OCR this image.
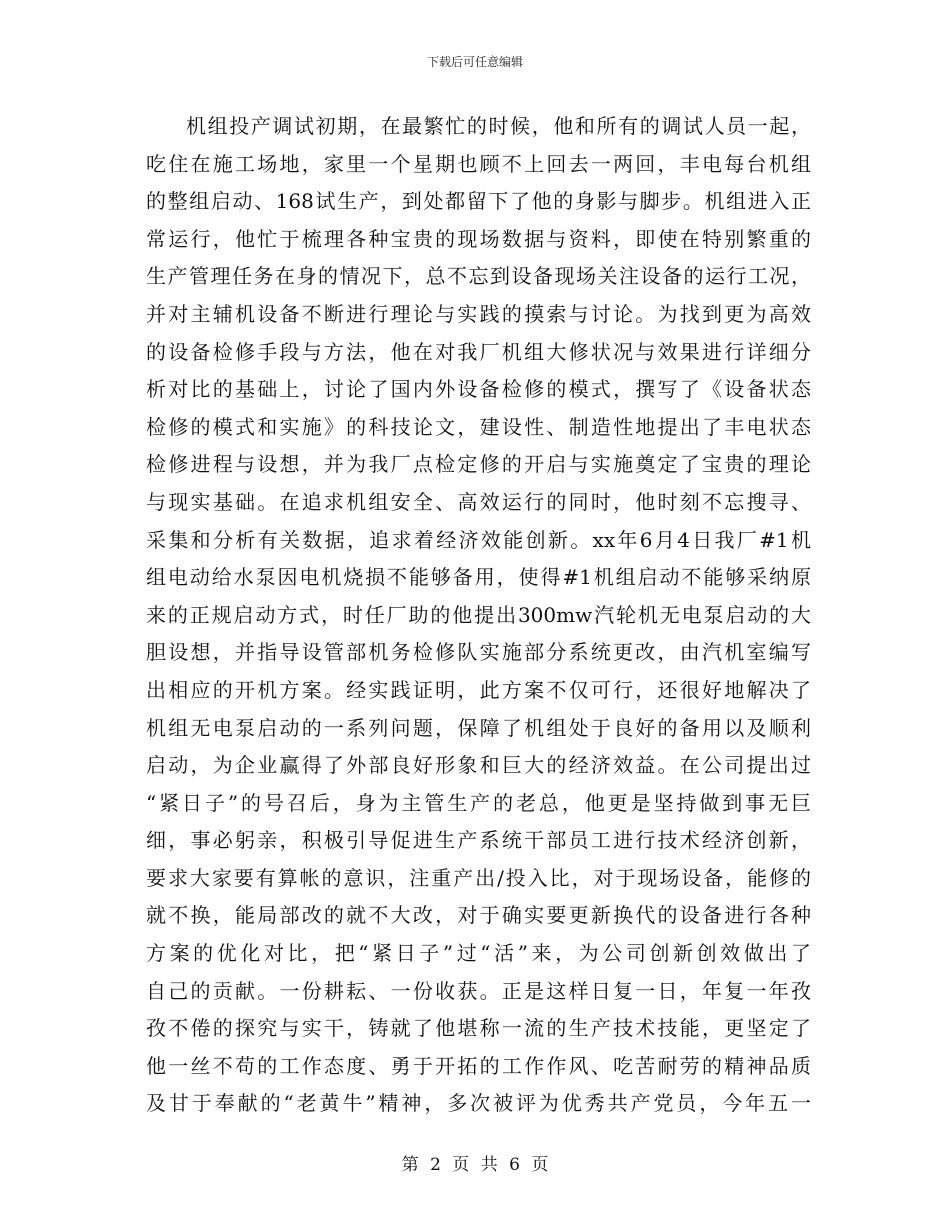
下载后可任意编辑
机组投产调试初期，在最繁忙的时候，他和所有的调试人员一起，
吃住在施工场地，家里一个星期也顾不上回去一两回，丰电每台机组
的整组启动、168试生产，到处都留下了他的身影与脚步。机组进入正
常运行，他忙于梳理各种宝贵的现场数据与资料，即使在特别繁重的
生产管理任务在身的情况下，总不忘到设备现场关注设备的运行工况，
并对主辅机设备不断进行理论与实践的摸索与讨论。为找到更为高效
的设备检修手段与方法，他在对我厂机组大修状况与效果进行详细分
析对比的基础上，讨论了国内外设备检修的模式，撰写了《设备状态
检修的模式和实施》的科技论文，建设性、制造性地提出了丰电状态
检修进程与设想，并为我厂点检定修的开启与实施奠定了宝贵的理论
与现实基础。在追求机组安全、高效运行的同时，他时刻不忘搜寻、
采集和分析有关数据，追求着经济效能创新。xx年6月4日我厂#1机
组电动给水泵因电机烧损不能够备用，使得#1机组启动不能够采纳原
来的正规启动方式，时任厂助的他提出300mw汽轮机无电泵启动的大
胆设想，并指导设管部机务检修队实施部分系统更改，由汽机室编写
出相应的开机方案。经实践证明，此方案不仅可行，还很好地解决了
机组无电泵启动的一系列问题，保障了机组处于良好的备用以及顺利
启动，为企业赢得了外部良好形象和巨大的经济效益。在公司提出过
“紧日子”的号召后，身为主管生产的老总，他更是坚持做到事无巨
细，事必躬亲，积极引导促进生产系统干部员工进行技术经济创新，
要求大家要有算帐的意识，注重产出/投入比，对于现场设备，能修的
就不换，能局部改的就不大改，对于确实要更新换代的设备进行各种
方案的优化对比，把“紧日子”过“活”来，为公司创新创效做出了
自己的贡献。一份耕耘、一份收获。正是这样日复一日，年复一年孜
孜不倦的探究与实干，铸就了他堪称一流的生产技术技能，更坚定了
他一丝不苟的工作态度、勇于开拓的工作作风、吃苦耐劳的精神品质
及甘于奉献的“老黄牛”精神，多次被评为优秀共产党员，今年五一
第 2 页 共 6 页
